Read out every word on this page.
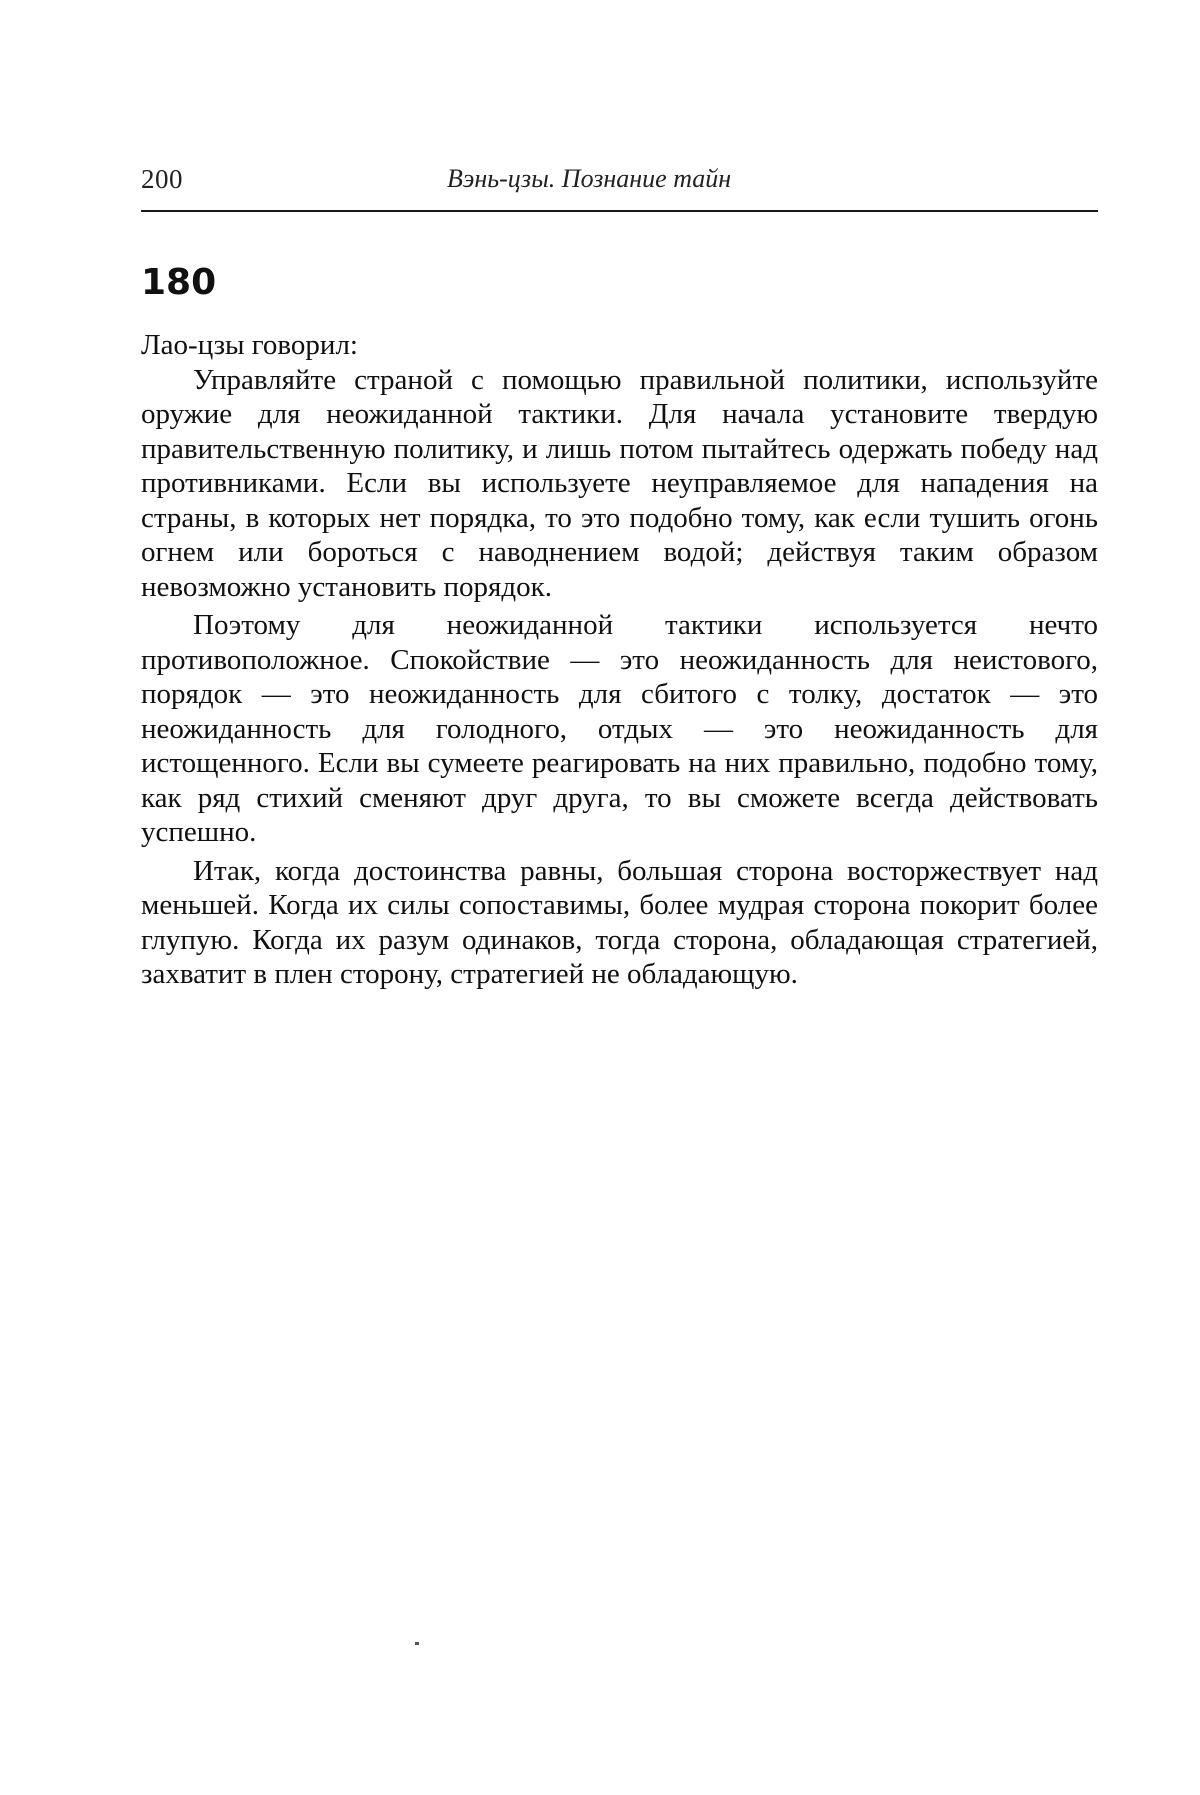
200	Вэнь-цзы. Познание тайн
180

Лао-цзы говорил:

Управляйте страной с помощью правильной политики, используйте оружие для неожиданной тактики. Для начала установите твердую правительственную политику, и лишь потом пытайтесь одержать победу над противниками. Если вы используете неуправляемое для нападения на страны, в которых нет порядка, то это подобно тому, как если тушить огонь огнем или бороться с наводнением водой; действуя таким образом невозможно установить порядок.

Поэтому для неожиданной тактики используется нечто противоположное. Спокойствие — это неожиданность для неистового, порядок — это неожиданность для сбитого с толку, достаток — это неожиданность для голодного, отдых — это неожиданность для истощенного. Если вы сумеете реагировать на них правильно, подобно тому, как ряд стихий сменяют друг друга, то вы сможете всегда действовать успешно.

Итак, когда достоинства равны, большая сторона восторжествует над меньшей. Когда их силы сопоставимы, более мудрая сторона покорит более глупую. Когда их разум одинаков, тогда сторона, обладающая стратегией, захватит в плен сторону, стратегией не обладающую.
